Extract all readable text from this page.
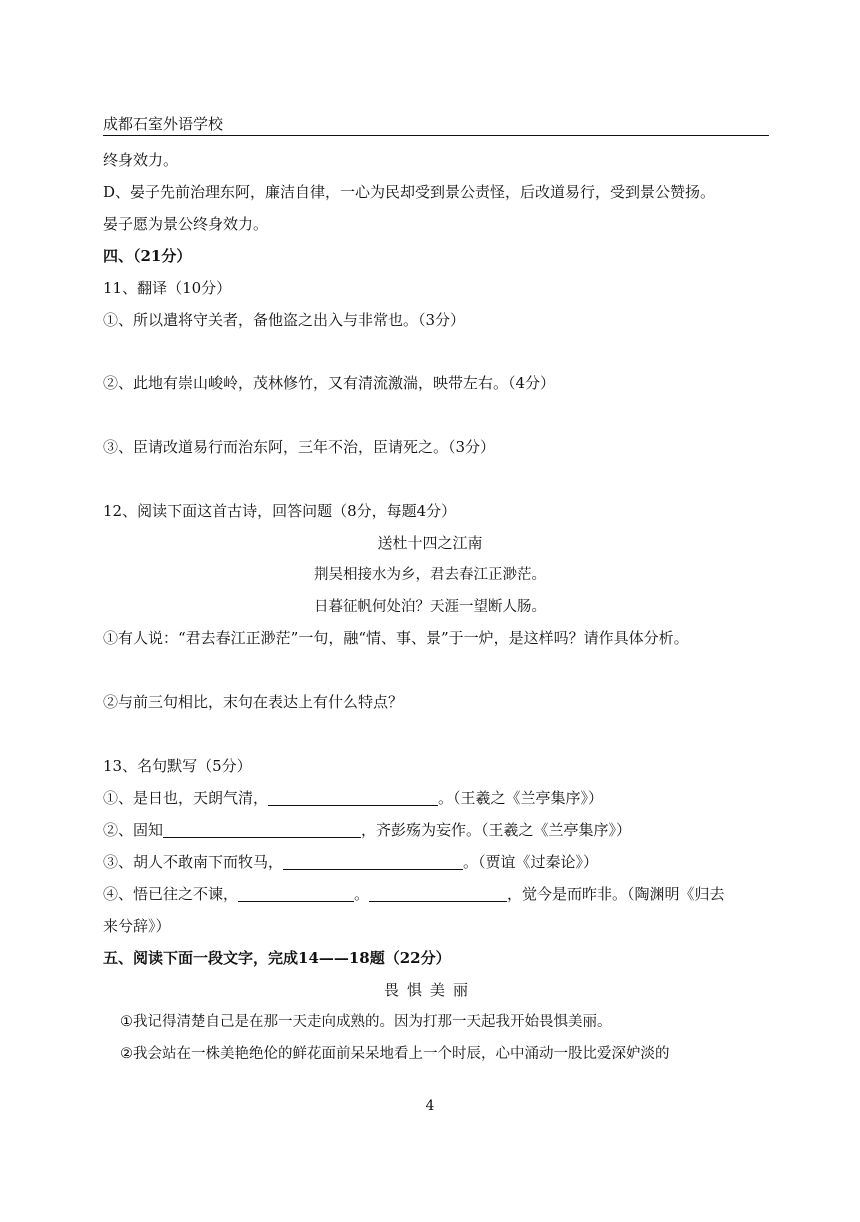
成都石室外语学校
终身效力。
D、晏子先前治理东阿，廉洁自律，一心为民却受到景公责怪，后改道易行，受到景公赞扬。
晏子愿为景公终身效力。
四、（21分）
11、翻译（10分）
①、所以遣将守关者，备他盗之出入与非常也。（3分）
②、此地有崇山峻岭，茂林修竹，又有清流激湍，映带左右。（4分）
③、臣请改道易行而治东阿，三年不治，臣请死之。（3分）
12、阅读下面这首古诗，回答问题（8分，每题4分）
送杜十四之江南
荆吴相接水为乡，君去春江正渺茫。
日暮征帆何处泊？天涯一望断人肠。
①有人说：“君去春江正渺茫”一句，融“情、事、景”于一炉，是这样吗？请作具体分析。
②与前三句相比，末句在表达上有什么特点？
13、名句默写（5分）
①、是日也，天朗气清，	。（王羲之《兰亭集序》）
②、固知	，齐彭殇为妄作。（王羲之《兰亭集序》）
③、胡人不敢南下而牧马，	。（贾谊《过秦论》）
④、悟已往之不谏，	。	，觉今是而昨非。（陶渊明《归去
来兮辞》）
五、阅读下面一段文字，完成14——18题（22分）
畏惧美丽
①我记得清楚自己是在那一天走向成熟的。因为打那一天起我开始畏惧美丽。
②我会站在一株美艳绝伦的鲜花面前呆呆地看上一个时辰，心中涌动一股比爱深妒淡的
4
